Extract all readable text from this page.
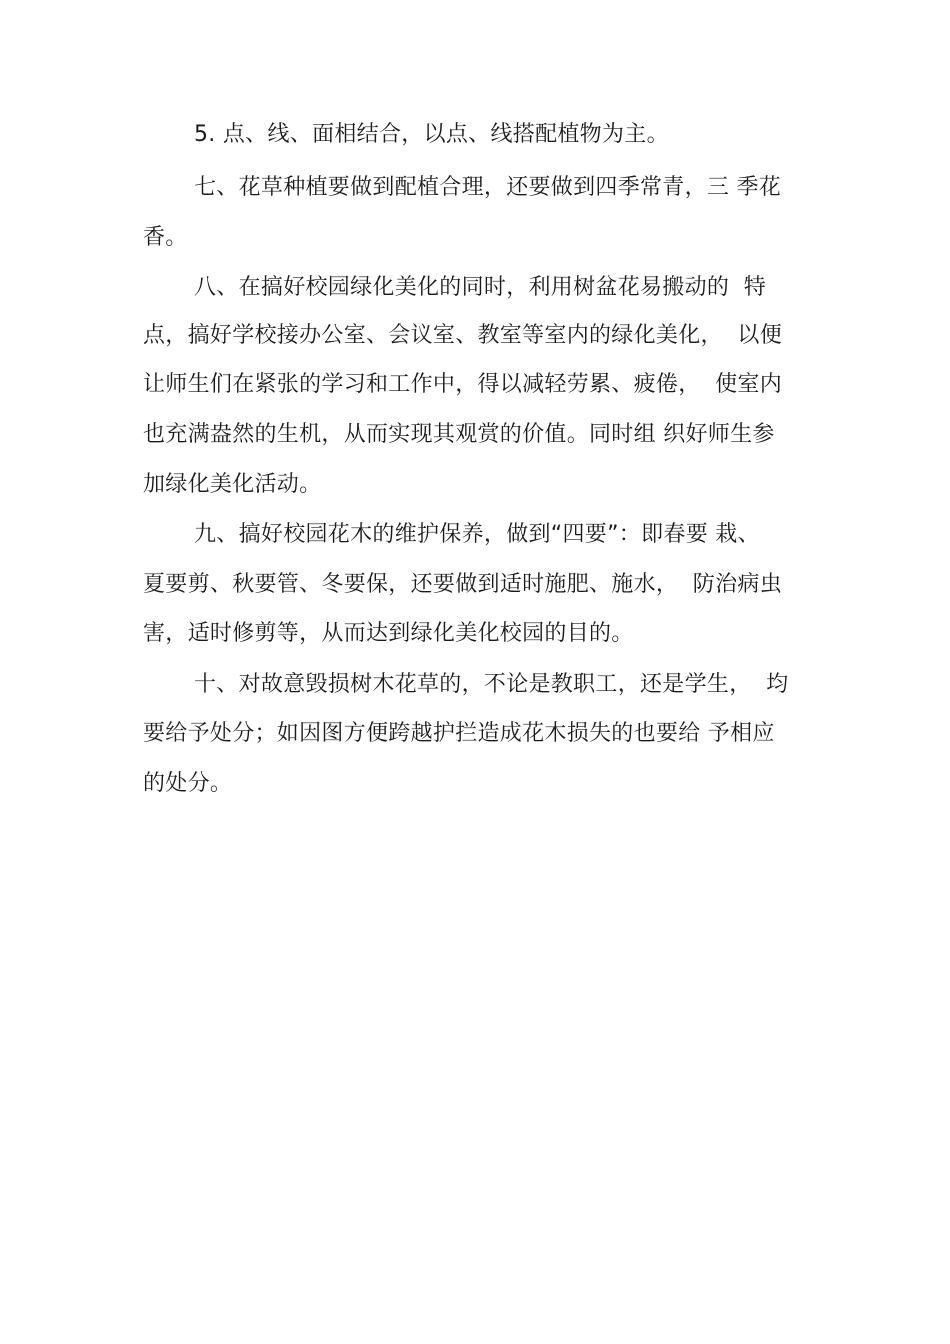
5. 点、线、面相结合，以点、线搭配植物为主。
七、花草种植要做到配植合理，还要做到四季常青，三 季花
香。
八、在搞好校园绿化美化的同时，利用树盆花易搬动的  特
点，搞好学校接办公室、会议室、教室等室内的绿化美化，  以便
让师生们在紧张的学习和工作中，得以减轻劳累、疲倦，  使室内
也充满盎然的生机，从而实现其观赏的价值。同时组 织好师生参
加绿化美化活动。
九、搞好校园花木的维护保养，做到“四要”：即春要 栽、
夏要剪、秋要管、冬要保，还要做到适时施肥、施水，  防治病虫
害，适时修剪等，从而达到绿化美化校园的目的。
十、对故意毁损树木花草的，不论是教职工，还是学生，  均
要给予处分；如因图方便跨越护拦造成花木损失的也要给 予相应
的处分。
